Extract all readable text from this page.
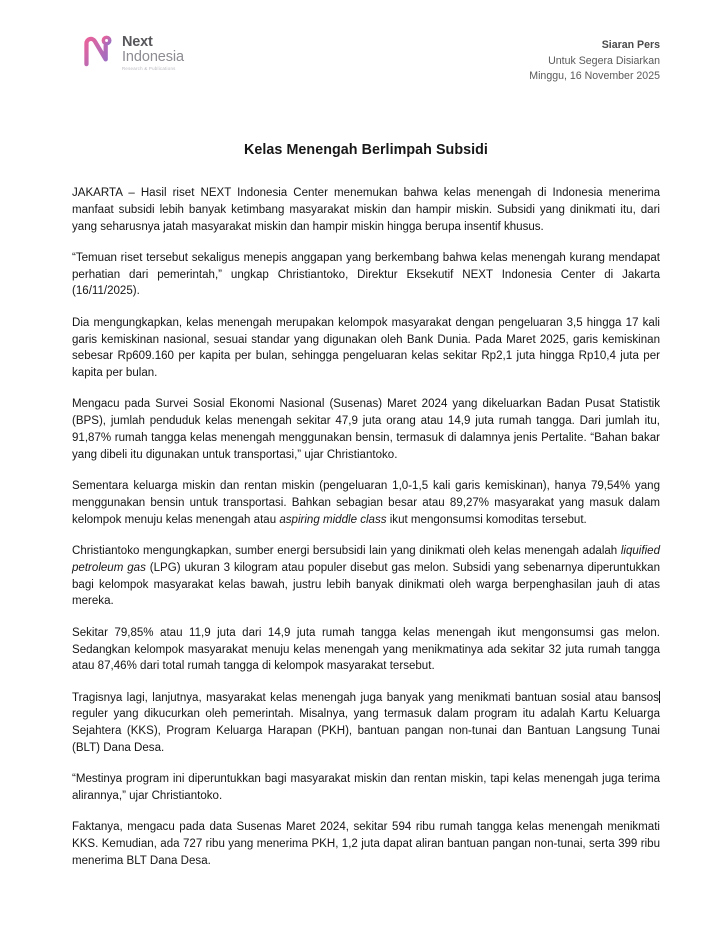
Next
Indonesia
Research & Publications
Siaran Pers
Untuk Segera Disiarkan
Minggu, 16 November 2025
Kelas Menengah Berlimpah Subsidi

JAKARTA – Hasil riset NEXT Indonesia Center menemukan bahwa kelas menengah di Indonesia menerima manfaat subsidi lebih banyak ketimbang masyarakat miskin dan hampir miskin. Subsidi yang dinikmati itu, dari yang seharusnya jatah masyarakat miskin dan hampir miskin hingga berupa insentif khusus.

“Temuan riset tersebut sekaligus menepis anggapan yang berkembang bahwa kelas menengah kurang mendapat perhatian dari pemerintah,” ungkap Christiantoko, Direktur Eksekutif NEXT Indonesia Center di Jakarta (16/11/2025).

Dia mengungkapkan, kelas menengah merupakan kelompok masyarakat dengan pengeluaran 3,5 hingga 17 kali garis kemiskinan nasional, sesuai standar yang digunakan oleh Bank Dunia. Pada Maret 2025, garis kemiskinan sebesar Rp609.160 per kapita per bulan, sehingga pengeluaran kelas sekitar Rp2,1 juta hingga Rp10,4 juta per kapita per bulan.

Mengacu pada Survei Sosial Ekonomi Nasional (Susenas) Maret 2024 yang dikeluarkan Badan Pusat Statistik (BPS), jumlah penduduk kelas menengah sekitar 47,9 juta orang atau 14,9 juta rumah tangga. Dari jumlah itu, 91,87% rumah tangga kelas menengah menggunakan bensin, termasuk di dalamnya jenis Pertalite. “Bahan bakar yang dibeli itu digunakan untuk transportasi,” ujar Christiantoko.

Sementara keluarga miskin dan rentan miskin (pengeluaran 1,0-1,5 kali garis kemiskinan), hanya 79,54% yang menggunakan bensin untuk transportasi. Bahkan sebagian besar atau 89,27% masyarakat yang masuk dalam kelompok menuju kelas menengah atau aspiring middle class ikut mengonsumsi komoditas tersebut.

Christiantoko mengungkapkan, sumber energi bersubsidi lain yang dinikmati oleh kelas menengah adalah liquified petroleum gas (LPG) ukuran 3 kilogram atau populer disebut gas melon. Subsidi yang sebenarnya diperuntukkan bagi kelompok masyarakat kelas bawah, justru lebih banyak dinikmati oleh warga berpenghasilan jauh di atas mereka.

Sekitar 79,85% atau 11,9 juta dari 14,9 juta rumah tangga kelas menengah ikut mengonsumsi gas melon. Sedangkan kelompok masyarakat menuju kelas menengah yang menikmatinya ada sekitar 32 juta rumah tangga atau 87,46% dari total rumah tangga di kelompok masyarakat tersebut.

Tragisnya lagi, lanjutnya, masyarakat kelas menengah juga banyak yang menikmati bantuan sosial atau bansos reguler yang dikucurkan oleh pemerintah. Misalnya, yang termasuk dalam program itu adalah Kartu Keluarga Sejahtera (KKS), Program Keluarga Harapan (PKH), bantuan pangan non-tunai dan Bantuan Langsung Tunai (BLT) Dana Desa.

“Mestinya program ini diperuntukkan bagi masyarakat miskin dan rentan miskin, tapi kelas menengah juga terima alirannya,” ujar Christiantoko.

Faktanya, mengacu pada data Susenas Maret 2024, sekitar 594 ribu rumah tangga kelas menengah menikmati KKS. Kemudian, ada 727 ribu yang menerima PKH, 1,2 juta dapat aliran bantuan pangan non-tunai, serta 399 ribu menerima BLT Dana Desa.
